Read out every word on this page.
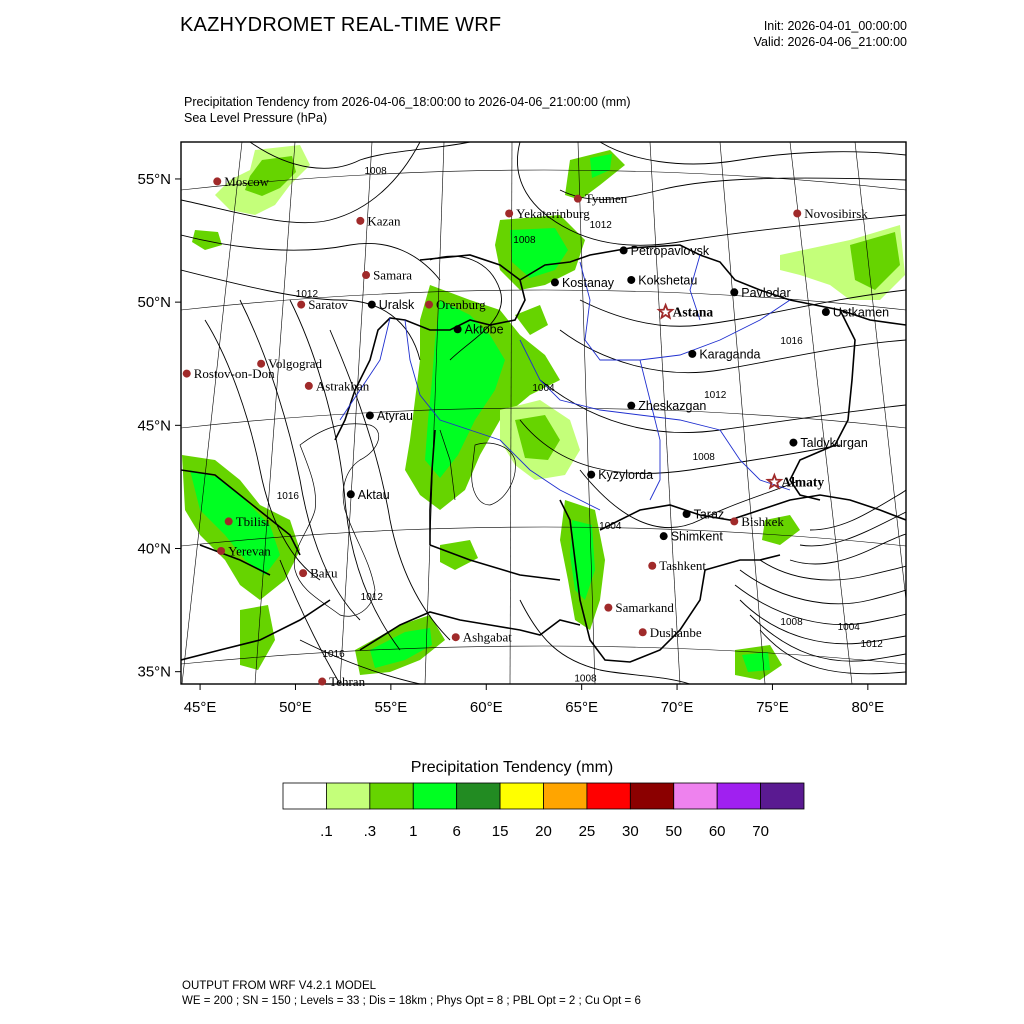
KAZHYDROMET REAL-TIME WRF	Init: 2026-04-01_00:00:00
Valid: 2026-04-06_21:00:00
Precipitation Tendency from 2026-04-06_18:00:00 to 2026-04-06_21:00:00 (mm)
Sea Level Pressure (hPa)
1008
1012
1008
1012
1016
1012
1004
1008
1016
1004
1012
1016
1008
1008	1004
1012
Moscow
Kazan
Samara
Saratov
Volgograd
Rostov-on-Don
Astrakhan
Yekaterinburg
Tyumen
Novosibirsk
Orenburg
Tbilisi
Yerevan
Baku
Tehran
Ashgabat
Samarkand
Dushanbe
Tashkent
Bishkek
Uralsk
Aktobe
Atyrau
Aktau
Kostanay
Petropavlovsk
Kokshetau
Pavlodar
Ustkamen
Karaganda
Zheskazgan
Taldykurgan
Kyzylorda
Taraz
Shimkent
Astana
Almaty
45°E	50°E	55°E	60°E	65°E	70°E	75°E	80°E
35°N
40°N
45°N
50°N
55°N
.1 .3 1 6 15 20 25 30 50 60 70
Precipitation Tendency (mm)
OUTPUT FROM WRF V4.2.1 MODEL
WE = 200 ; SN = 150 ; Levels = 33 ; Dis = 18km ; Phys Opt = 8 ; PBL Opt = 2 ; Cu Opt = 6
